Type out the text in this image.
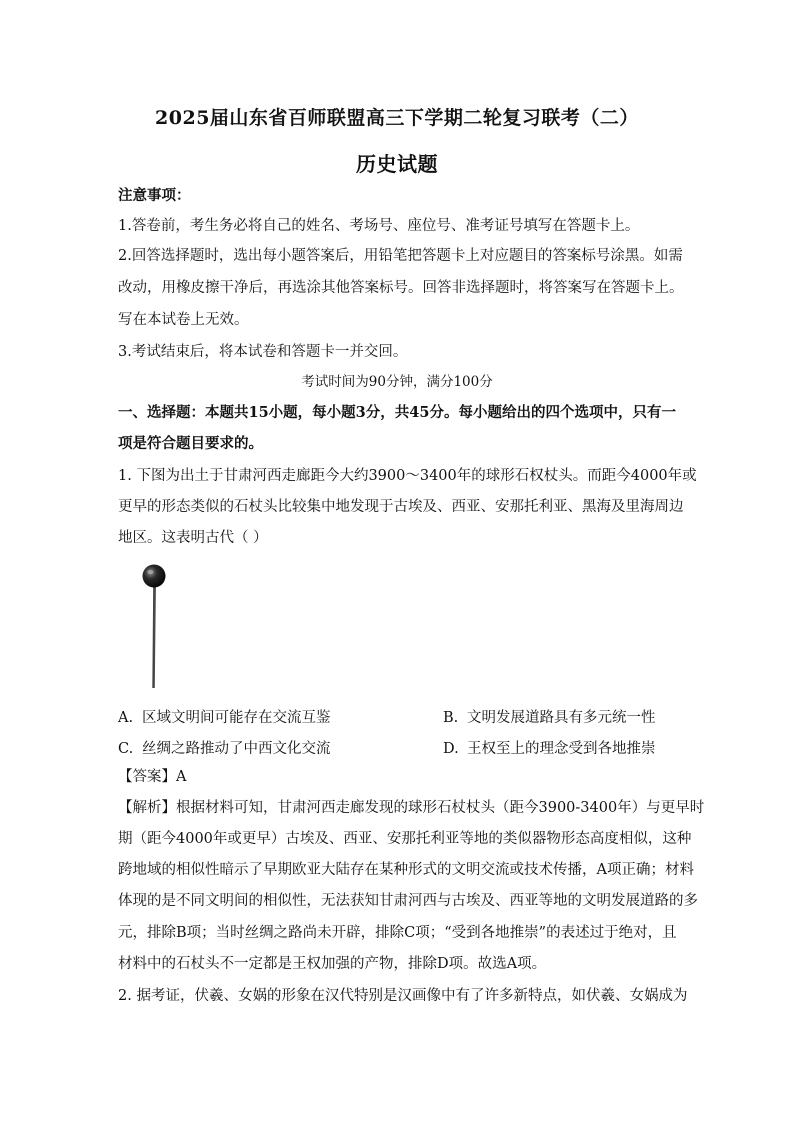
2025届山东省百师联盟高三下学期二轮复习联考（二）
历史试题
注意事项：
1.答卷前，考生务必将自己的姓名、考场号、座位号、准考证号填写在答题卡上。
2.回答选择题时，选出每小题答案后，用铅笔把答题卡上对应题目的答案标号涂黑。如需
改动，用橡皮擦干净后，再选涂其他答案标号。回答非选择题时，将答案写在答题卡上。
写在本试卷上无效。
3.考试结束后，将本试卷和答题卡一并交回。
考试时间为90分钟，满分100分
一、选择题：本题共15小题，每小题3分，共45分。每小题给出的四个选项中，只有一
项是符合题目要求的。
1. 下图为出土于甘肃河西走廊距今大约3900～3400年的球形石权杖头。而距今4000年或
更早的形态类似的石杖头比较集中地发现于古埃及、西亚、安那托利亚、黑海及里海周边
地区。这表明古代（ ）
A. 区域文明间可能存在交流互鉴	B. 文明发展道路具有多元统一性
C. 丝绸之路推动了中西文化交流	D. 王权至上的理念受到各地推崇
【答案】A
【解析】根据材料可知，甘肃河西走廊发现的球形石杖杖头（距今3900-3400年）与更早时
期（距今4000年或更早）古埃及、西亚、安那托利亚等地的类似器物形态高度相似，这种
跨地域的相似性暗示了早期欧亚大陆存在某种形式的文明交流或技术传播，A项正确；材料
体现的是不同文明间的相似性，无法获知甘肃河西与古埃及、西亚等地的文明发展道路的多
元，排除B项；当时丝绸之路尚未开辟，排除C项；“受到各地推崇”的表述过于绝对，且
材料中的石杖头不一定都是王权加强的产物，排除D项。故选A项。
2. 据考证，伏羲、女娲的形象在汉代特别是汉画像中有了许多新特点，如伏羲、女娲成为
